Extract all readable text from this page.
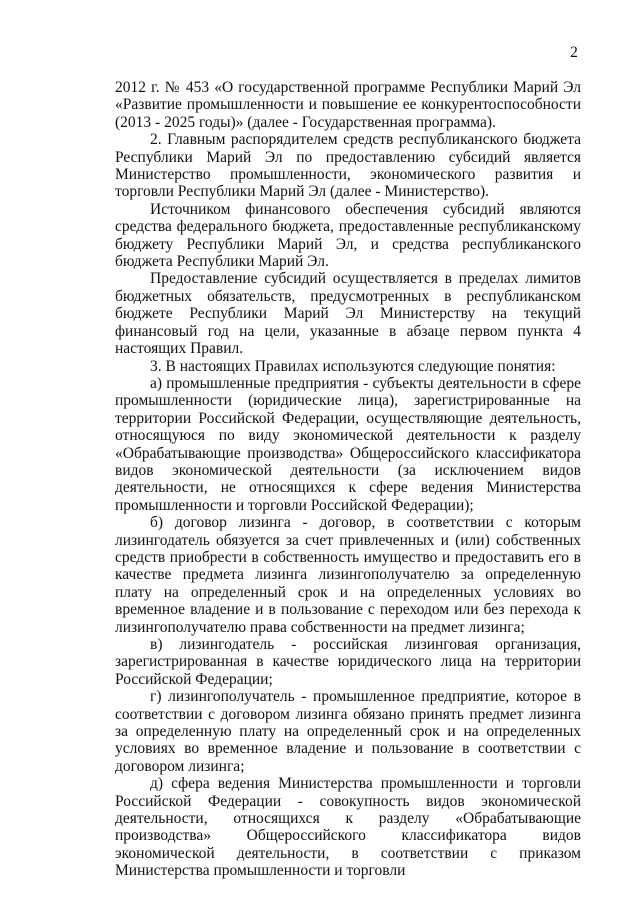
2

2012 г. № 453 «О государственной программе Республики Марий Эл «Развитие промышленности и повышение ее конкурентоспособности (2013 - 2025 годы)» (далее - Государственная программа).

2. Главным распорядителем средств республиканского бюджета Республики Марий Эл по предоставлению субсидий является Министерство промышленности, экономического развития и торговли Республики Марий Эл (далее - Министерство).

Источником финансового обеспечения субсидий являются средства федерального бюджета, предоставленные республиканскому бюджету Республики Марий Эл, и средства республиканского бюджета Республики Марий Эл.

Предоставление субсидий осуществляется в пределах лимитов бюджетных обязательств, предусмотренных в республиканском бюджете Республики Марий Эл Министерству на текущий финансовый год на цели, указанные в абзаце первом пункта 4 настоящих Правил.

3. В настоящих Правилах используются следующие понятия:

а) промышленные предприятия - субъекты деятельности в сфере промышленности (юридические лица), зарегистрированные на территории Российской Федерации, осуществляющие деятельность, относящуюся по виду экономической деятельности к разделу «Обрабатывающие производства» Общероссийского классификатора видов экономической деятельности (за исключением видов деятельности, не относящихся к сфере ведения Министерства промышленности и торговли Российской Федерации);

б) договор лизинга - договор, в соответствии с которым лизингодатель обязуется за счет привлеченных и (или) собственных средств приобрести в собственность имущество и предоставить его в качестве предмета лизинга лизингополучателю за определенную плату на определенный срок и на определенных условиях во временное владение и в пользование с переходом или без перехода к лизингополучателю права собственности на предмет лизинга;

в) лизингодатель - российская лизинговая организация, зарегистрированная в качестве юридического лица на территории Российской Федерации;

г) лизингополучатель - промышленное предприятие, которое в соответствии с договором лизинга обязано принять предмет лизинга за определенную плату на определенный срок и на определенных условиях во временное владение и пользование в соответствии с договором лизинга;

д) сфера ведения Министерства промышленности и торговли Российской Федерации - совокупность видов экономической деятельности, относящихся к разделу «Обрабатывающие производства» Общероссийского классификатора видов экономической деятельности, в соответствии с приказом Министерства промышленности и торговли
